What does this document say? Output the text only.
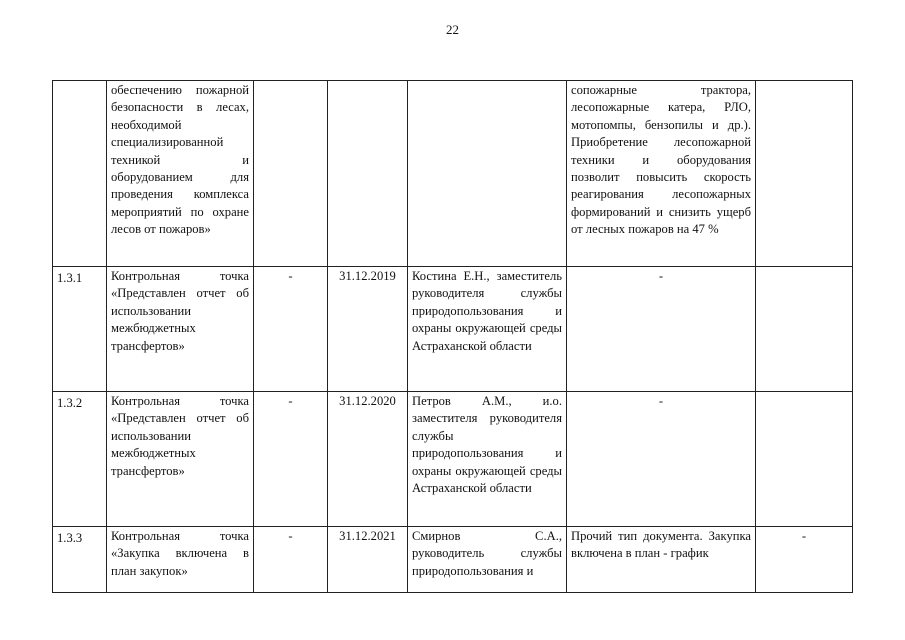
22
	обеспечению пожарной безопасности в лесах, необходимой специализированной техникой и оборудованием для проведения комплекса мероприятий по охране лесов от пожаров»				сопожарные трактора, лесопожарные катера, РЛО, мотопомпы, бензопилы и др.). Приобретение лесопожарной техники и оборудования позволит повысить скорость реагирования лесопожарных формирований и снизить ущерб от лесных пожаров на 47 %	
1.3.1	Контрольная точка «Представлен отчет об использовании межбюджетных трансфертов»	-	31.12.2019	Костина Е.Н., заместитель руководителя службы природопользования и охраны окружающей среды Астраханской области	-	
1.3.2	Контрольная точка «Представлен отчет об использовании межбюджетных трансфертов»	-	31.12.2020	Петров А.М., и.о. заместителя руководителя службы природопользования и охраны окружающей среды Астраханской области	-	
1.3.3	Контрольная точка «Закупка включена в план закупок»	-	31.12.2021	Смирнов С.А., руководитель службы природопользования и	Прочий тип документа. Закупка включена в план - график	-
